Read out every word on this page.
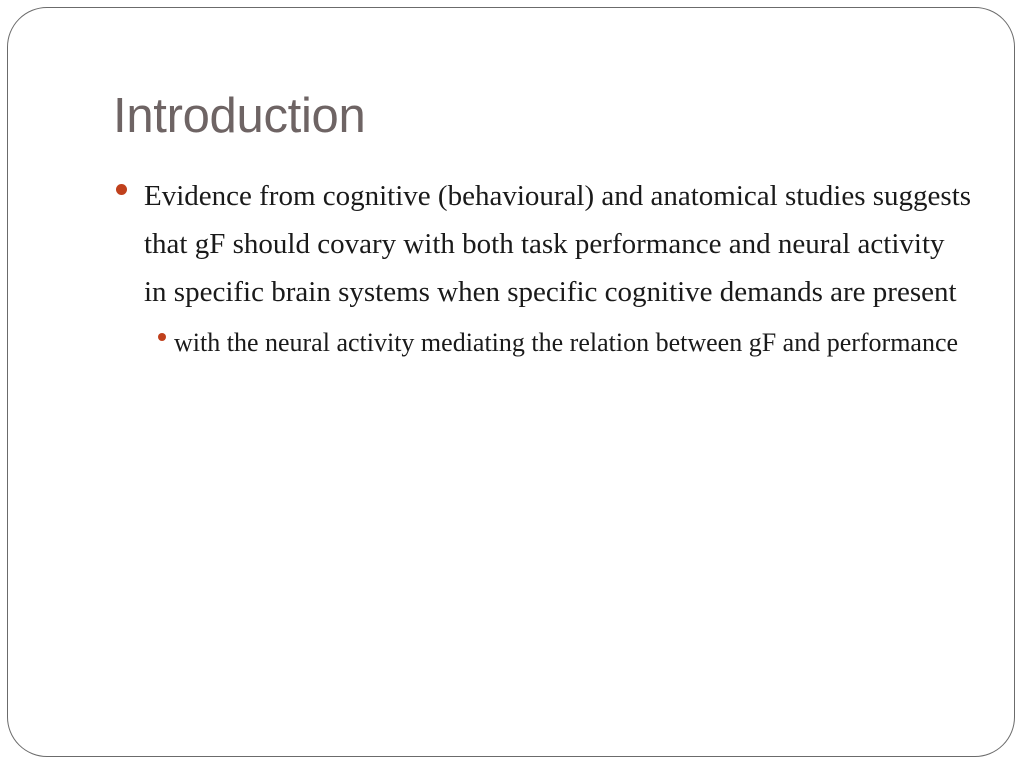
Introduction
Evidence from cognitive (behavioural) and anatomical studies suggests that gF should covary with both task performance and neural activity in specific brain systems when specific cognitive demands are present
with the neural activity mediating the relation between gF and performance
